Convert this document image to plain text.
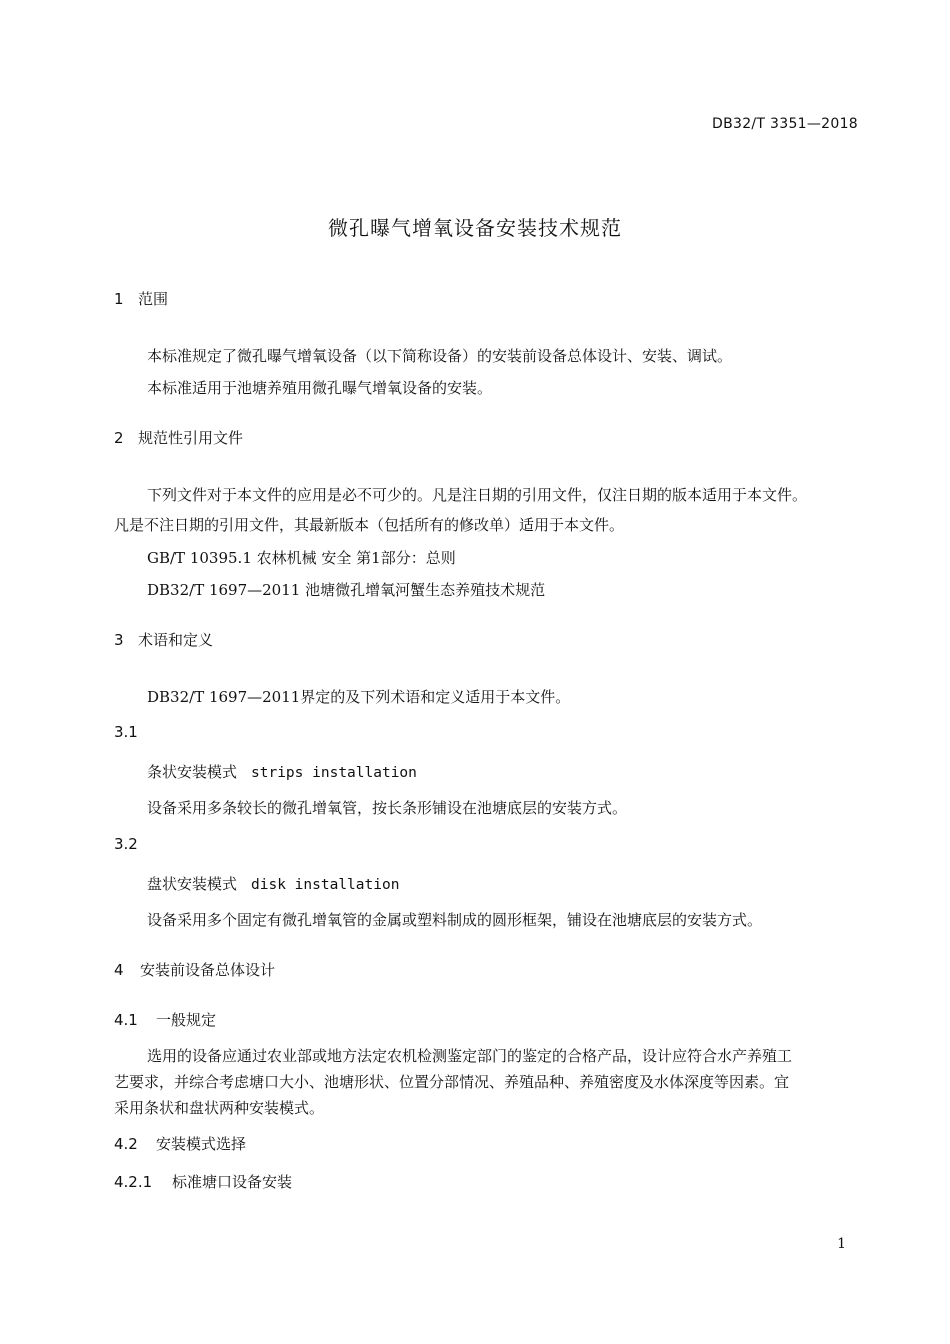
DB32/T 3351—2018
微孔曝气增氧设备安装技术规范
1 范围
本标准规定了微孔曝气增氧设备（以下简称设备）的安装前设备总体设计、安装、调试。
本标准适用于池塘养殖用微孔曝气增氧设备的安装。
2 规范性引用文件
下列文件对于本文件的应用是必不可少的。凡是注日期的引用文件，仅注日期的版本适用于本文件。
凡是不注日期的引用文件，其最新版本（包括所有的修改单）适用于本文件。
GB/T 10395.1 农林机械 安全 第1部分：总则
DB32/T 1697—2011 池塘微孔增氧河蟹生态养殖技术规范
3 术语和定义
DB32/T 1697—2011界定的及下列术语和定义适用于本文件。
3.1
条状安装模式 strips installation
设备采用多条较长的微孔增氧管，按长条形铺设在池塘底层的安装方式。
3.2
盘状安装模式 disk installation
设备采用多个固定有微孔增氧管的金属或塑料制成的圆形框架，铺设在池塘底层的安装方式。
4 安装前设备总体设计
4.1 一般规定
选用的设备应通过农业部或地方法定农机检测鉴定部门的鉴定的合格产品，设计应符合水产养殖工
艺要求，并综合考虑塘口大小、池塘形状、位置分部情况、养殖品种、养殖密度及水体深度等因素。宜
采用条状和盘状两种安装模式。
4.2 安装模式选择
4.2.1 标准塘口设备安装
1
